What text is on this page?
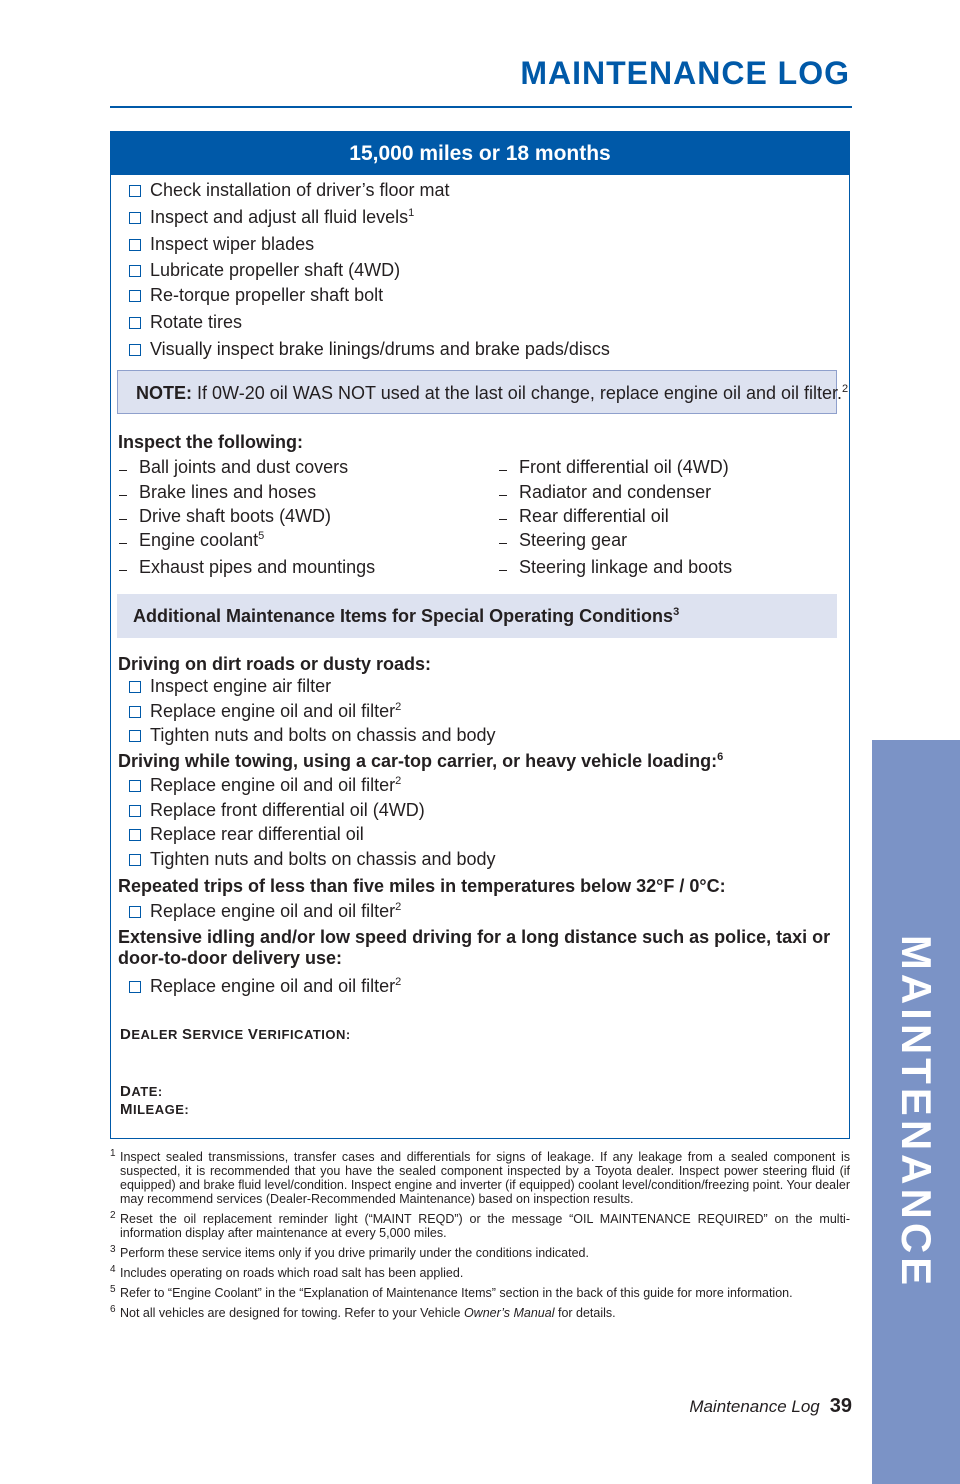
MAINTENANCE LOG
MAINTENANCE
15,000 miles or 18 months
Check installation of driver’s floor mat
Inspect and adjust all fluid levels$^1$
Inspect wiper blades
Lubricate propeller shaft (4WD)
Re-torque propeller shaft bolt
Rotate tires
Visually inspect brake linings/drums and brake pads/discs
NOTE: If 0W-20 oil WAS NOT used at the last oil change, replace engine oil and oil filter.$^2$
Inspect the following:
Ball joints and dust covers
Brake lines and hoses
Drive shaft boots (4WD)
Engine coolant$^5$
Exhaust pipes and mountings
Front differential oil (4WD)
Radiator and condenser
Rear differential oil
Steering gear
Steering linkage and boots
Additional Maintenance Items for Special Operating Conditions$^3$
Driving on dirt roads or dusty roads:
Inspect engine air filter
Replace engine oil and oil filter$^2$
Tighten nuts and bolts on chassis and body
Driving while towing, using a car-top carrier, or heavy vehicle loading:$^6$
Replace engine oil and oil filter$^2$
Replace front differential oil (4WD)
Replace rear differential oil
Tighten nuts and bolts on chassis and body
Repeated trips of less than five miles in temperatures below 32°F / 0°C:
Replace engine oil and oil filter$^2$
Extensive idling and/or low speed driving for a long distance such as police, taxi or
door-to-door delivery use:
Replace engine oil and oil filter$^2$
DEALER SERVICE VERIFICATION:
DATE:
MILEAGE:
1 Inspect sealed transmissions, transfer cases and differentials for signs of leakage. If any leakage from a sealed component is suspected, it is recommended that you have the sealed component inspected by a Toyota dealer. Inspect power steering fluid (if equipped) and brake fluid level/condition. Inspect engine and inverter (if equipped) coolant level/condition/freezing point. Your dealer may recommend services (Dealer-Recommended Maintenance) based on inspection results.
2 Reset the oil replacement reminder light (“MAINT REQD”) or the message “OIL MAINTENANCE REQUIRED” on the multi-information display after maintenance at every 5,000 miles.
3 Perform these service items only if you drive primarily under the conditions indicated.
4 Includes operating on roads which road salt has been applied.
5 Refer to “Engine Coolant” in the “Explanation of Maintenance Items” section in the back of this guide for more information.
6 Not all vehicles are designed for towing. Refer to your Vehicle Owner’s Manual for details.
Maintenance Log 39
